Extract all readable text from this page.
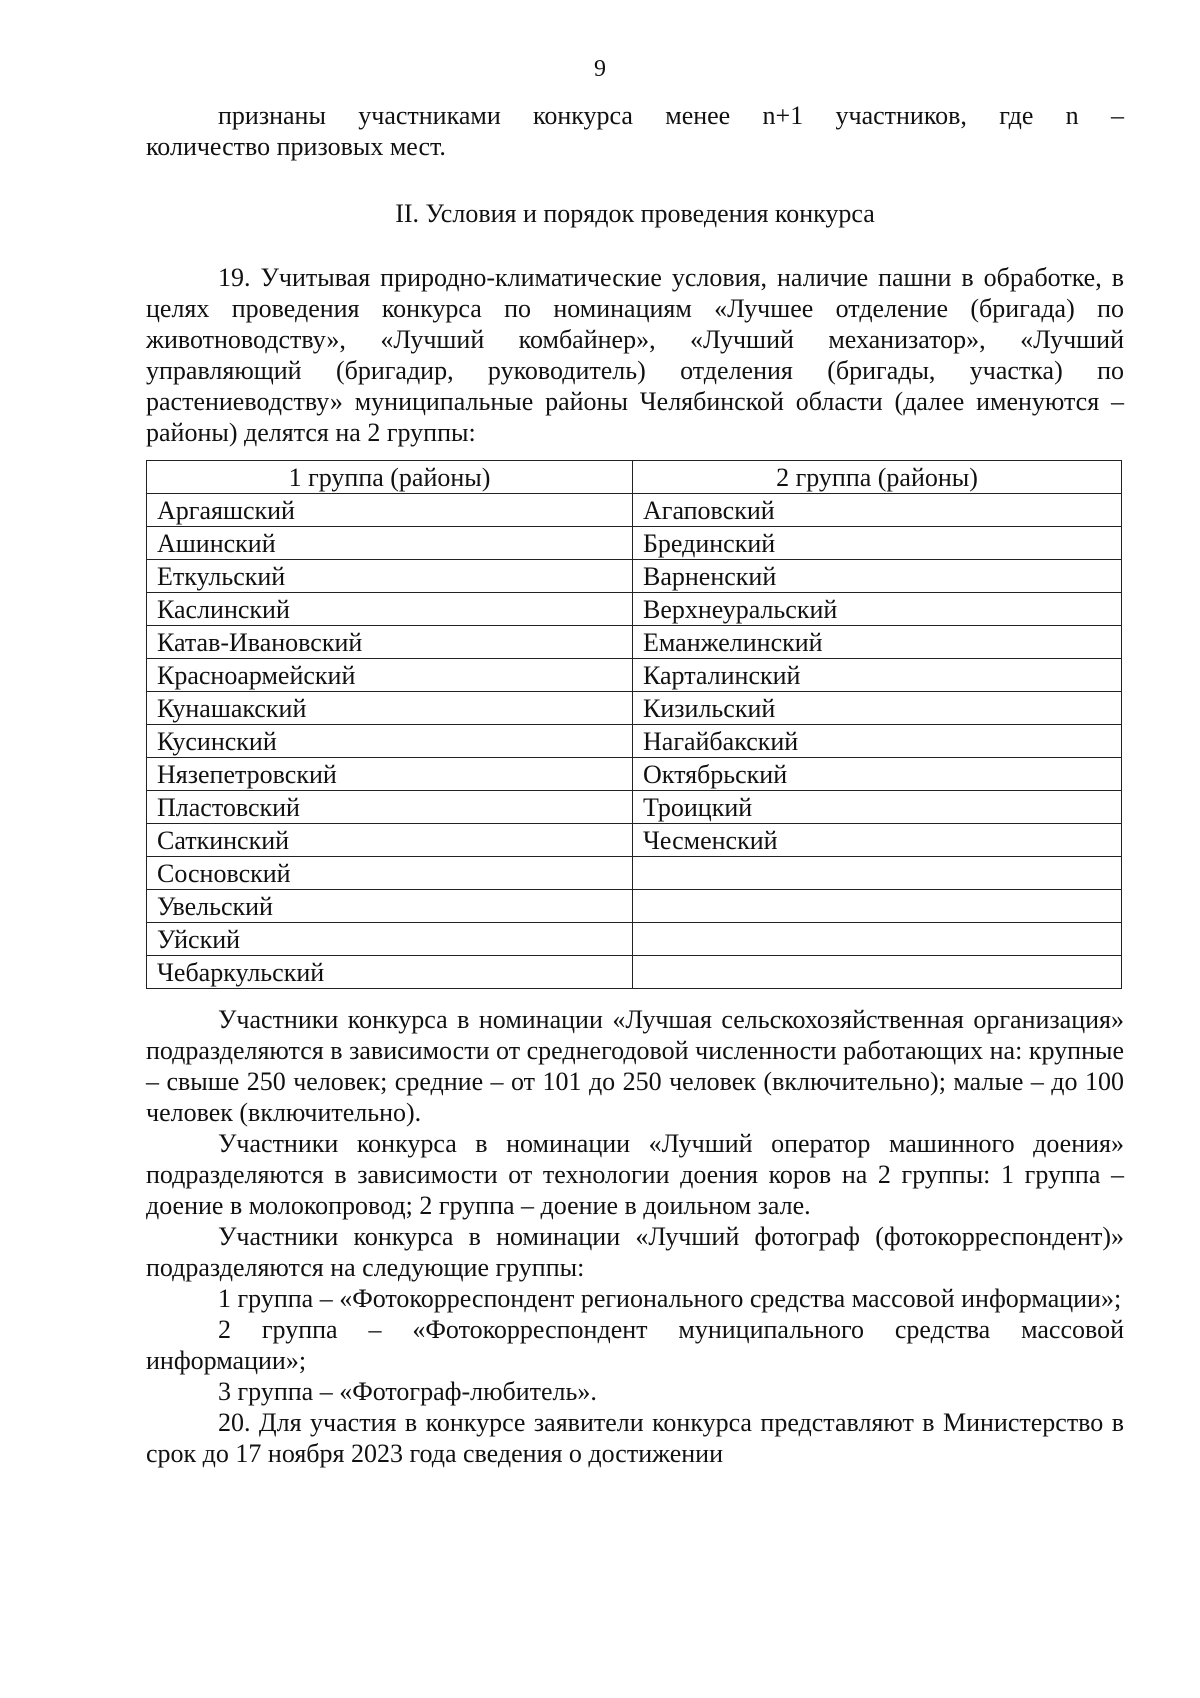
9

признаны участниками конкурса менее n+1 участников, где n –

количество призовых мест.

II. Условия и порядок проведения конкурса

19. Учитывая природно-климатические условия, наличие пашни в обработке, в целях проведения конкурса по номинациям «Лучшее отделение (бригада) по животноводству», «Лучший комбайнер», «Лучший механизатор», «Лучший управляющий (бригадир, руководитель) отделения (бригады, участка) по растениеводству» муниципальные районы Челябинской области (далее именуются – районы) делятся на 2 группы:

1 группа (районы)	2 группа (районы)
Аргаяшский	Агаповский
Ашинский	Брединский
Еткульский	Варненский
Каслинский	Верхнеуральский
Катав-Ивановский	Еманжелинский
Красноармейский	Карталинский
Кунашакский	Кизильский
Кусинский	Нагайбакский
Нязепетровский	Октябрьский
Пластовский	Троицкий
Саткинский	Чесменский
Сосновский	
Увельский	
Уйский	
Чебаркульский	

Участники конкурса в номинации «Лучшая сельскохозяйственная организация» подразделяются в зависимости от среднегодовой численности работающих на: крупные – свыше 250 человек; средние – от 101 до 250 человек (включительно); малые – до 100 человек (включительно).

Участники конкурса в номинации «Лучший оператор машинного доения» подразделяются в зависимости от технологии доения коров на 2 группы: 1 группа – доение в молокопровод; 2 группа – доение в доильном зале.

Участники конкурса в номинации «Лучший фотограф (фотокорреспондент)» подразделяются на следующие группы:

1 группа – «Фотокорреспондент регионального средства массовой информации»;

2 группа – «Фотокорреспондент муниципального средства массовой информации»;

3 группа – «Фотограф-любитель».

20. Для участия в конкурсе заявители конкурса представляют в Министерство в срок до 17 ноября 2023 года сведения о достижении
